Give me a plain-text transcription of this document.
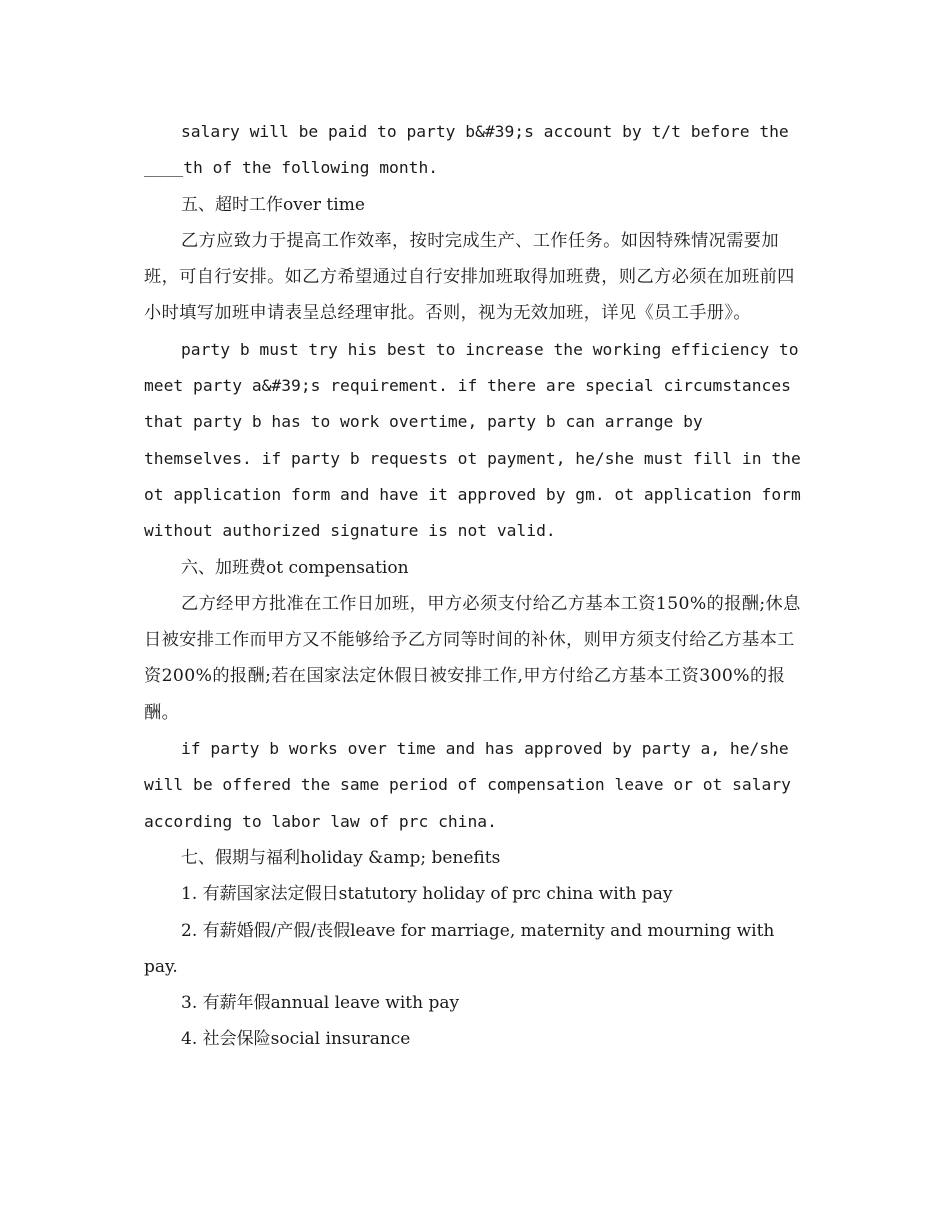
salary will be paid to party b&#39;s account by t/t before the ____th of the following month.

五、超时工作over time

乙方应致力于提高工作效率，按时完成生产、工作任务。如因特殊情况需要加班，可自行安排。如乙方希望通过自行安排加班取得加班费，则乙方必须在加班前四小时填写加班申请表呈总经理审批。否则，视为无效加班，详见《员工手册》。

party b must try his best to increase the working efficiency to meet party a&#39;s requirement. if there are special circumstances that party b has to work overtime, party b can arrange by themselves. if party b requests ot payment, he/she must fill in the ot application form and have it approved by gm. ot application form without authorized signature is not valid.

六、加班费ot compensation

乙方经甲方批准在工作日加班，甲方必须支付给乙方基本工资150%的报酬;休息日被安排工作而甲方又不能够给予乙方同等时间的补休，则甲方须支付给乙方基本工资200%的报酬;若在国家法定休假日被安排工作,甲方付给乙方基本工资300%的报酬。

if party b works over time and has approved by party a, he/she will be offered the same period of compensation leave or ot salary according to labor law of prc china.

七、假期与福利holiday &amp; benefits

1. 有薪国家法定假日statutory holiday of prc china with pay

2. 有薪婚假/产假/丧假leave for marriage, maternity and mourning with pay.

3. 有薪年假annual leave with pay

4. 社会保险social insurance
